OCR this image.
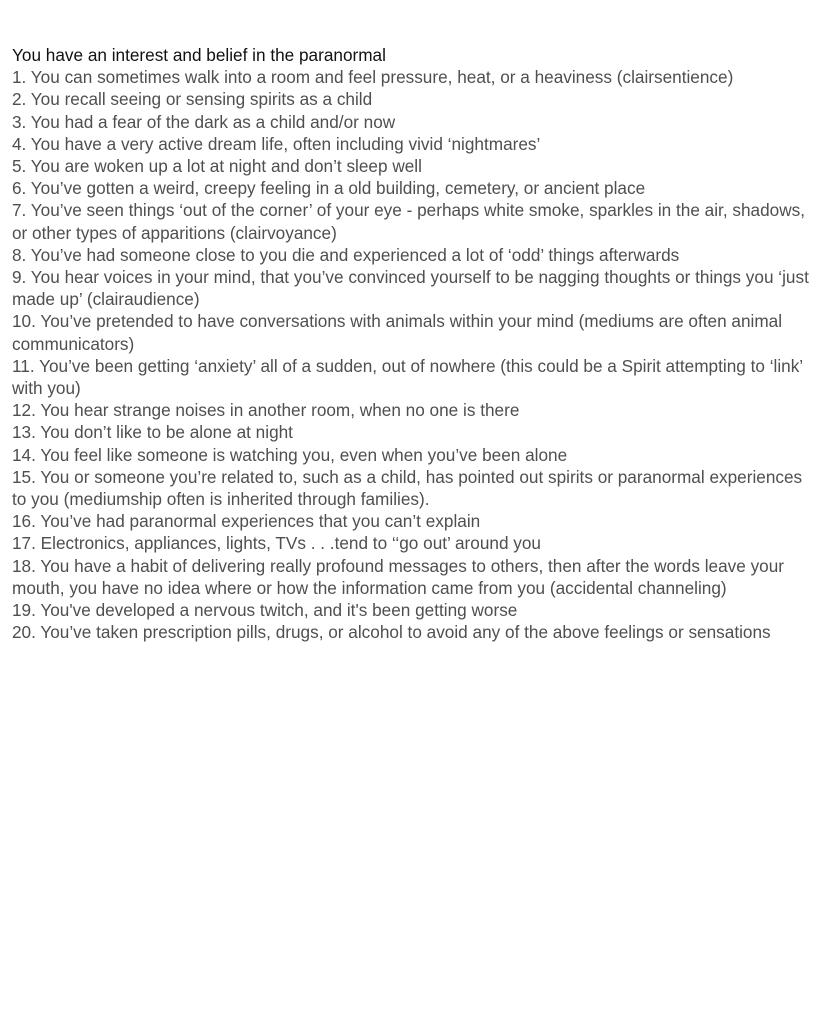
You have an interest and belief in the paranormal

1. You can sometimes walk into a room and feel pressure, heat, or a heaviness (clairsentience)
2. You recall seeing or sensing spirits as a child
3. You had a fear of the dark as a child and/or now
4. You have a very active dream life, often including vivid ‘nightmares’
5. You are woken up a lot at night and don’t sleep well
6. You’ve gotten a weird, creepy feeling in a old building, cemetery, or ancient place
7. You’ve seen things ‘out of the corner’ of your eye - perhaps white smoke, sparkles in the air, shadows, or other types of apparitions (clairvoyance)
8. You’ve had someone close to you die and experienced a lot of ‘odd’ things afterwards
9. You hear voices in your mind, that you’ve convinced yourself to be nagging thoughts or things you ‘just made up’ (clairaudience)
10. You’ve pretended to have conversations with animals within your mind (mediums are often animal communicators)
11. You’ve been getting ‘anxiety’ all of a sudden, out of nowhere (this could be a Spirit attempting to ‘link’ with you)
12. You hear strange noises in another room, when no one is there
13. You don’t like to be alone at night
14. You feel like someone is watching you, even when you’ve been alone
15. You or someone you’re related to, such as a child, has pointed out spirits or paranormal experiences to you (mediumship often is inherited through families).
16. You’ve had paranormal experiences that you can’t explain
17. Electronics, appliances, lights, TVs . . .tend to ‘‘go out’ around you
18. You have a habit of delivering really profound messages to others, then after the words leave your mouth, you have no idea where or how the information came from you (accidental channeling)
19. You've developed a nervous twitch, and it's been getting worse
20. You’ve taken prescription pills, drugs, or alcohol to avoid any of the above feelings or sensations
